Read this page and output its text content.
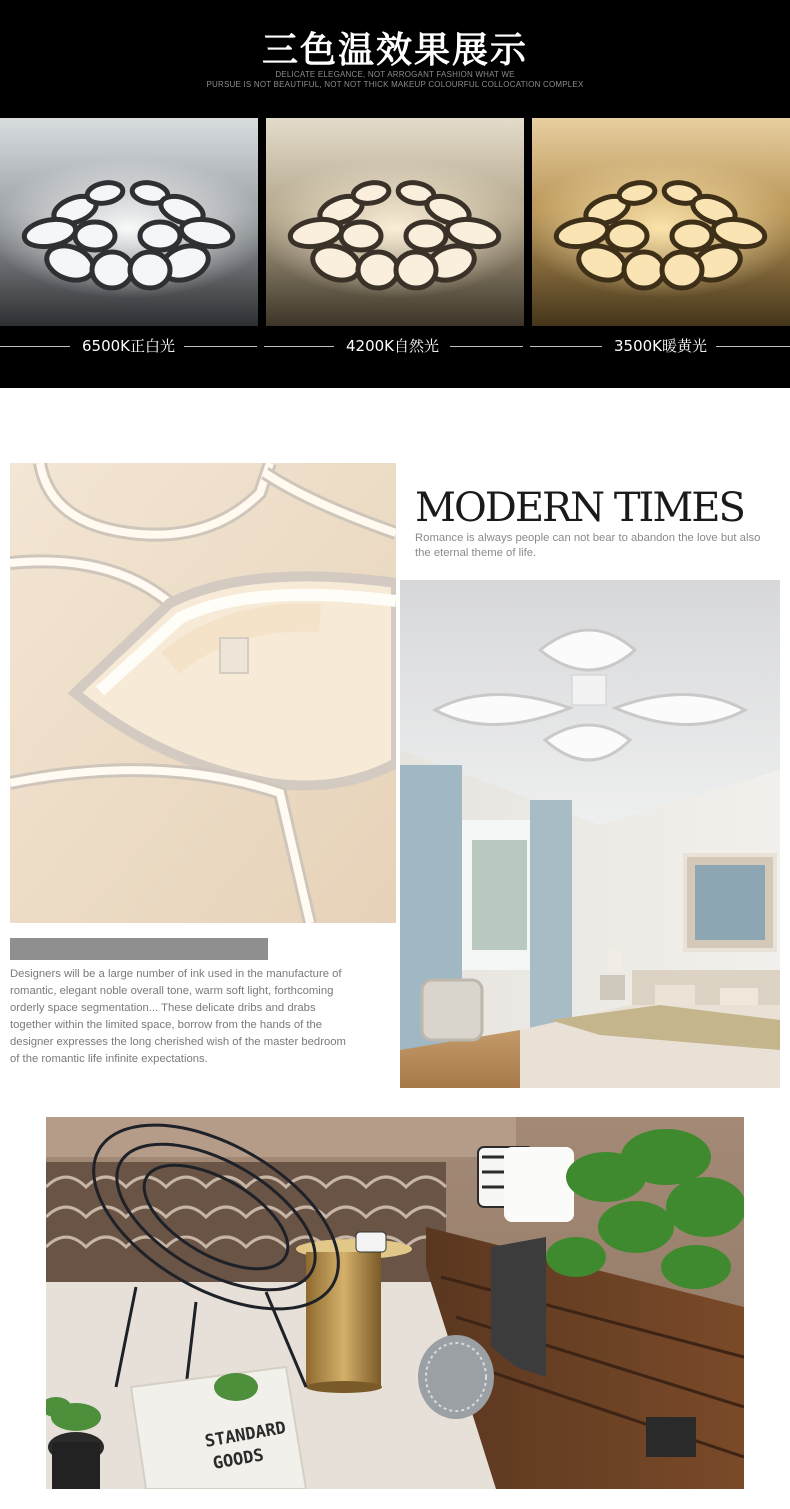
三色温效果展示
DELICATE ELEGANCE, NOT ARROGANT FASHION WHAT WE
PURSUE IS NOT BEAUTIFUL, NOT NOT THICK MAKEUP COLOURFUL COLLOCATION COMPLEX
6500K正白光	4200K自然光	3500K暖黄光
Designers will be a large number of ink used in the manufacture of romantic, elegant noble overall tone, warm soft light, forthcoming orderly space segmentation... These delicate dribs and drabs together within the limited space, borrow from the hands of the designer expresses the long cherished wish of the master bedroom of the romantic life infinite expectations.
MODERN TIMES
Romance is always people can not bear to abandon the love but also the eternal theme of life.
STANDARD
GOODS
